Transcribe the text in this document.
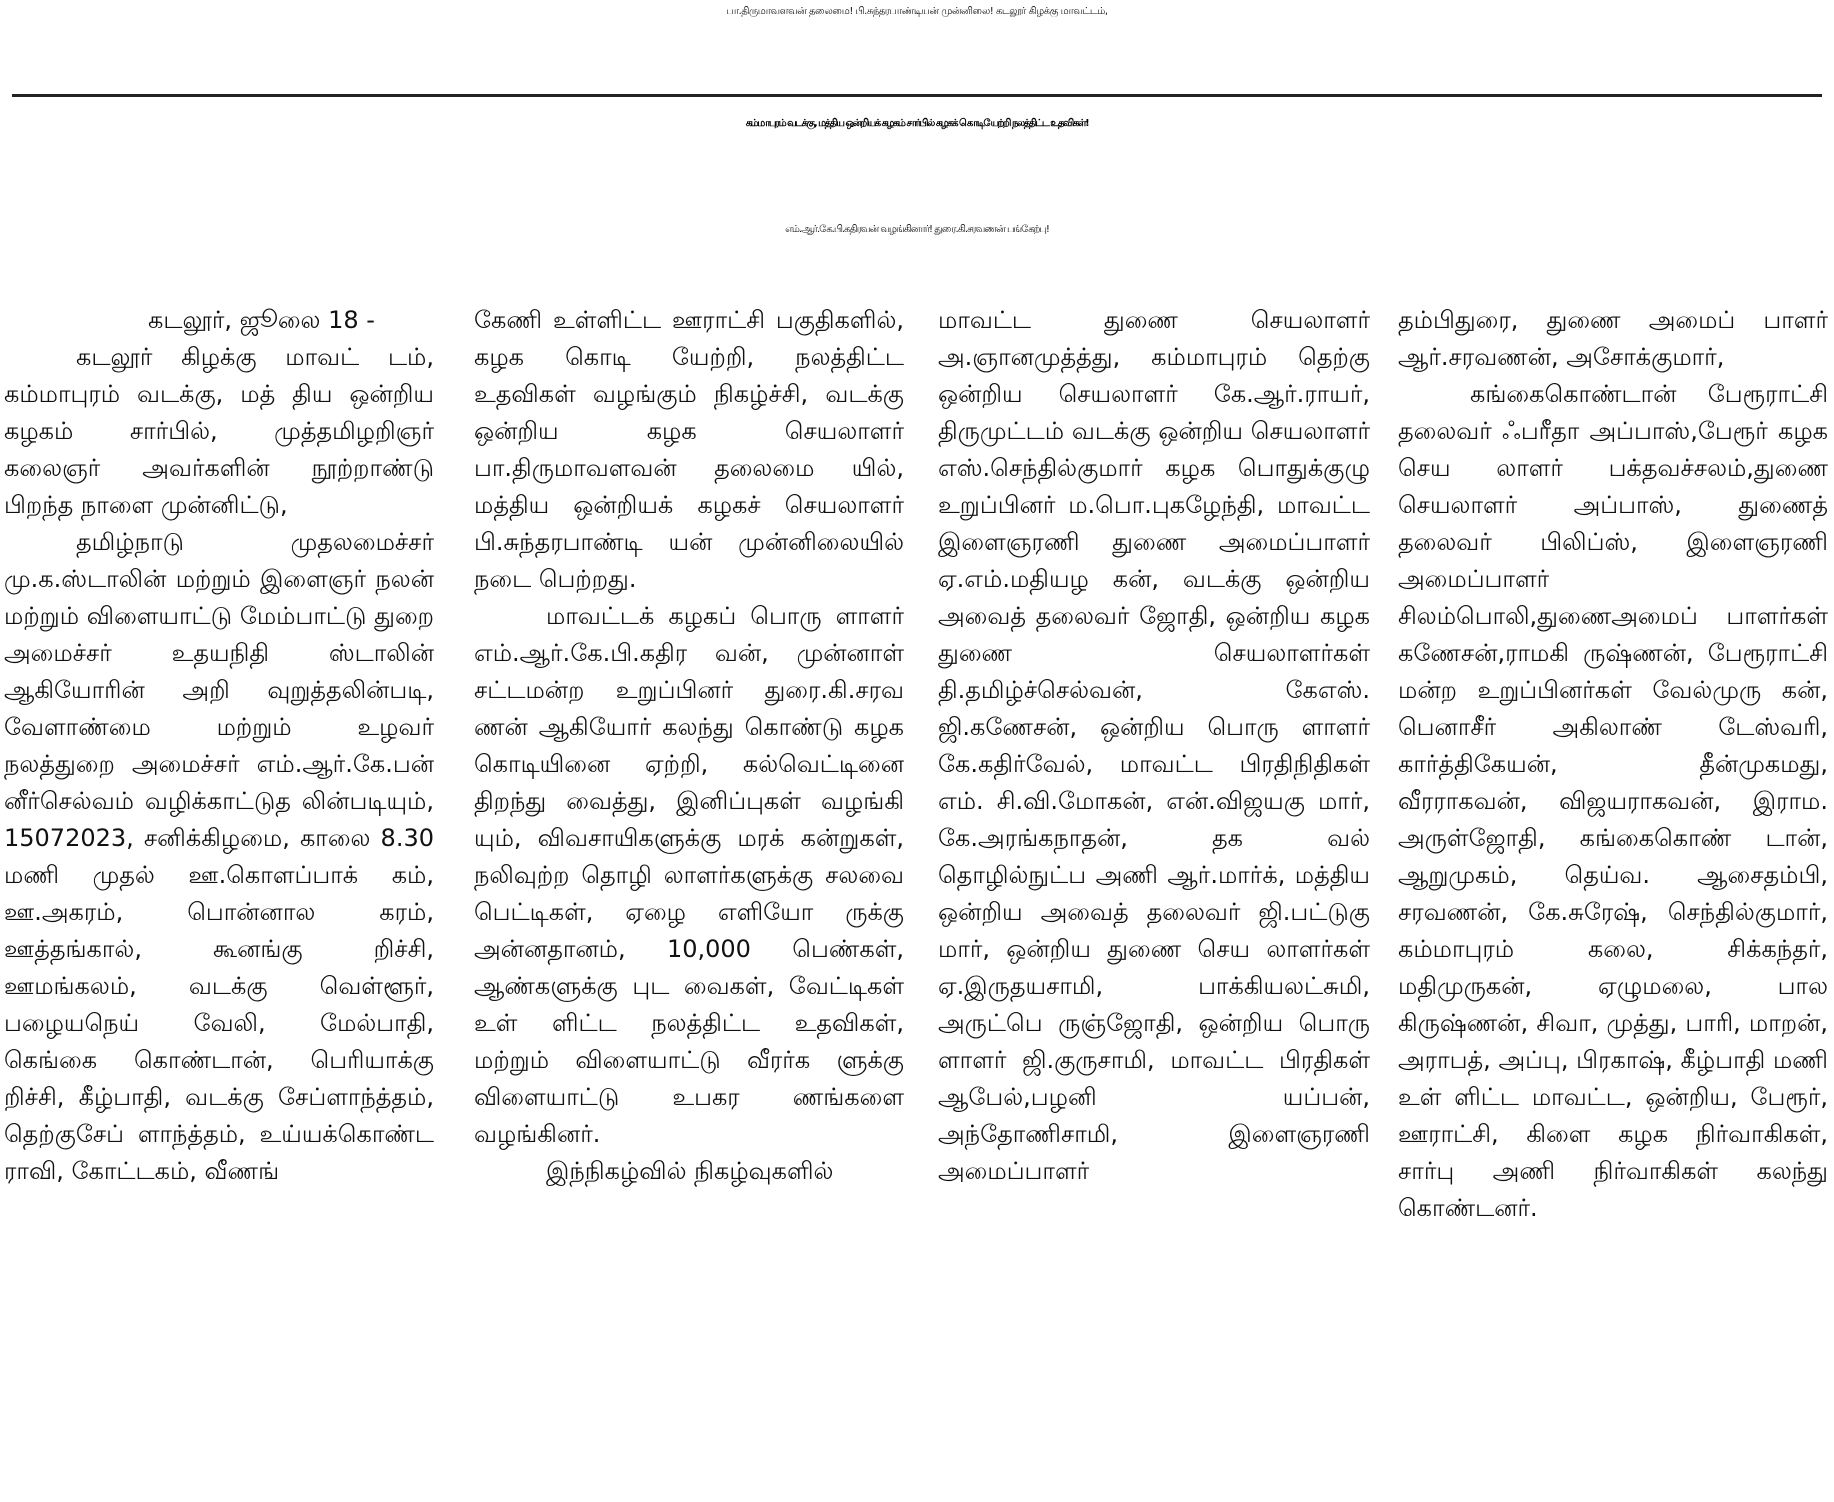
பா.திருமாவளவன் தலைமை! பி.சுந்தரபாண்டியன் முன்னிலை! கடலூர் கிழக்கு மாவட்டம்,
கம்மாபுரம் வடக்கு, மத்திய ஒன்றியக் கழகம் சார்பில் கழகக் கொடியேற்றி நலத்திட்ட உதவிகள்!
எம்.ஆர்.கே.பி.கதிரவன் வழங்கினார்! துரை.கி.சரவணன் பங்கேற்பு!

கடலூர், ஜூலை 18 -

கடலூர் கிழக்கு மாவட் டம், கம்மாபுரம் வடக்கு, மத் திய ஒன்றிய கழகம் சார்பில், முத்தமிழறிஞர் கலைஞர் அவர்களின் நூற்றாண்டு பிறந்த நாளை முன்னிட்டு,

தமிழ்நாடு முதலமைச்சர் மு.க.ஸ்டாலின் மற்றும் இளைஞர் நலன் மற்றும் விளையாட்டு மேம்பாட்டு துறை அமைச்சர் உதயநிதி ஸ்டாலின் ஆகியோரின் அறி வுறுத்தலின்படி, வேளாண்மை மற்றும் உழவர் நலத்துறை அமைச்சர் எம்.ஆர்.கே.பன் னீர்செல்வம் வழிக்காட்டுத லின்படியும், 15072023, சனிக்கிழமை, காலை 8.30 மணி முதல் ஊ.கொளப்பாக் கம், ஊ.அகரம், பொன்னால கரம், ஊத்தங்கால், கூனங்கு றிச்சி, ஊமங்கலம், வடக்கு வெள்ளூர், பழையநெய் வேலி, மேல்பாதி, கெங்கை கொண்டான், பெரியாக்கு றிச்சி, கீழ்பாதி, வடக்கு சேப்ளாந்த்தம், தெற்குசேப் ளாந்த்தம், உய்யக்கொண்ட ராவி, கோட்டகம், வீணங்

கேணி உள்ளிட்ட ஊராட்சி பகுதிகளில், கழக கொடி யேற்றி, நலத்திட்ட உதவிகள் வழங்கும் நிகழ்ச்சி, வடக்கு ஒன்றிய கழக செயலாளர் பா.திருமாவளவன் தலைமை யில், மத்திய ஒன்றியக் கழகச் செயலாளர் பி.சுந்தரபாண்டி யன் முன்னிலையில் நடை பெற்றது.

மாவட்டக் கழகப் பொரு ளாளர் எம்.ஆர்.கே.பி.கதிர வன், முன்னாள் சட்டமன்ற உறுப்பினர் துரை.கி.சரவ ணன் ஆகியோர் கலந்து கொண்டு கழக கொடியினை ஏற்றி, கல்வெட்டினை திறந்து வைத்து, இனிப்புகள் வழங்கி யும், விவசாயிகளுக்கு மரக் கன்றுகள், நலிவுற்ற தொழி லாளர்களுக்கு சலவை பெட்டிகள், ஏழை எளியோ ருக்கு அன்னதானம், 10,000 பெண்கள், ஆண்களுக்கு புட வைகள், வேட்டிகள் உள் ளிட்ட நலத்திட்ட உதவிகள், மற்றும் விளையாட்டு வீரர்க ளுக்கு விளையாட்டு உபகர ணங்களை வழங்கினர்.

இந்நிகழ்வில் நிகழ்வுகளில்

மாவட்ட துணை செயலாளர் அ.ஞானமுத்த்து, கம்மாபுரம் தெற்கு ஒன்றிய செயலாளர் கே.ஆர்.ராயர், திருமுட்டம் வடக்கு ஒன்றிய செயலாளர் எஸ்.செந்தில்குமார் கழக பொதுக்குழு உறுப்பினர் ம.பொ.புகழேந்தி, மாவட்ட இளைஞரணி துணை அமைப்பாளர் ஏ.எம்.மதியழ கன், வடக்கு ஒன்றிய அவைத் தலைவர் ஜோதி, ஒன்றிய கழக துணை செயலாளர்கள் தி.தமிழ்ச்செல்வன், கேஎஸ். ஜி.கணேசன், ஒன்றிய பொரு ளாளர் கே.கதிர்வேல், மாவட்ட பிரதிநிதிகள் எம். சி.வி.மோகன், என்.விஜயகு மார், கே.அரங்கநாதன், தக வல் தொழில்நுட்ப அணி ஆர்.மார்க், மத்திய ஒன்றிய அவைத் தலைவர் ஜி.பட்டுகு மார், ஒன்றிய துணை செய லாளர்கள் ஏ.இருதயசாமி, பாக்கியலட்சுமி, அருட்பெ ருஞ்ஜோதி, ஒன்றிய பொரு ளாளர் ஜி.குருசாமி, மாவட்ட பிரதிகள் ஆபேல்,பழனி யப்பன், அந்தோணிசாமி, இளைஞரணி அமைப்பாளர்

தம்பிதுரை, துணை அமைப் பாளர் ஆர்.சரவணன், அசோக்குமார்,

கங்கைகொண்டான் பேரூராட்சி தலைவர் ஃபரீதா அப்பாஸ்,பேரூர் கழக செய லாளர் பக்தவச்சலம்,துணை செயலாளர் அப்பாஸ், துணைத் தலைவர் பிலிப்ஸ், இளைஞரணி அமைப்பாளர் சிலம்பொலி,துணைஅமைப் பாளர்கள் கணேசன்,ராமகி ருஷ்ணன், பேரூராட்சி மன்ற உறுப்பினர்கள் வேல்முரு கன், பெனாசீர் அகிலாண் டேஸ்வரி, கார்த்திகேயன், தீன்முகமது, வீரராகவன், விஜயராகவன், இராம. அருள்ஜோதி, கங்கைகொண் டான், ஆறுமுகம், தெய்வ. ஆசைதம்பி, சரவணன், கே.சுரேஷ், செந்தில்குமார், கம்மாபுரம் கலை, சிக்கந்தர், மதிமுருகன், ஏழுமலை, பால கிருஷ்ணன், சிவா, முத்து, பாரி, மாறன், அராபத், அப்பு, பிரகாஷ், கீழ்பாதி மணி உள் ளிட்ட மாவட்ட, ஒன்றிய, பேரூர், ஊராட்சி, கிளை கழக நிர்வாகிகள், சார்பு அணி நிர்வாகிகள் கலந்து கொண்டனர்.
